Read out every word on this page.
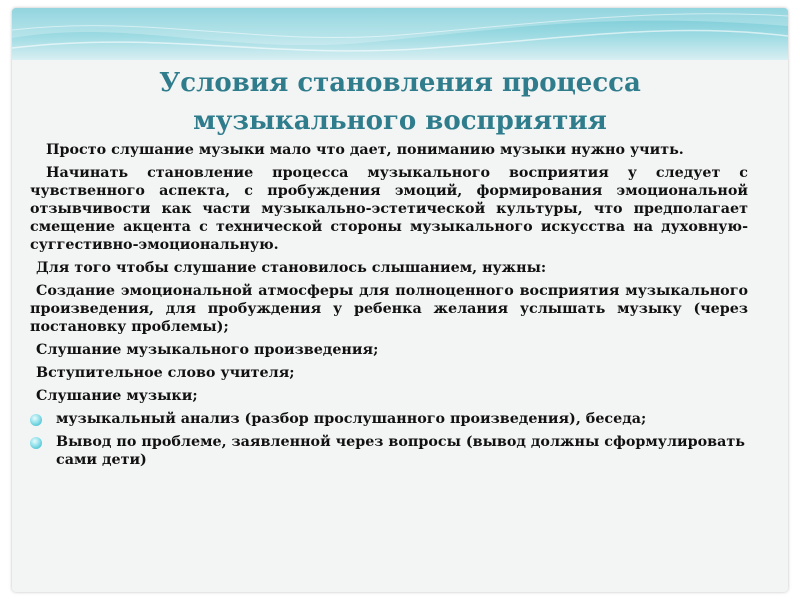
Условия становления процесса
музыкального восприятия

Просто слушание музыки мало что дает, пониманию музыки нужно учить.

Начинать становление процесса музыкального восприятия у следует с чувственного аспекта, с пробуждения эмоций, формирования эмоциональной отзывчивости как части музыкально-эстетической культуры, что предполагает смещение акцента с технической стороны музыкального искусства на духовную-суггестивно-эмоциональную.

Для того чтобы слушание становилось слышанием, нужны:

Создание эмоциональной атмосферы для полноценного восприятия музыкального произведения, для пробуждения у ребенка желания услышать музыку (через постановку проблемы);

Слушание музыкального произведения;

Вступительное слово учителя;

Слушание музыки;

музыкальный анализ (разбор прослушанного произведения), беседа;
Вывод по проблеме, заявленной через вопросы (вывод должны сформулировать сами дети)
